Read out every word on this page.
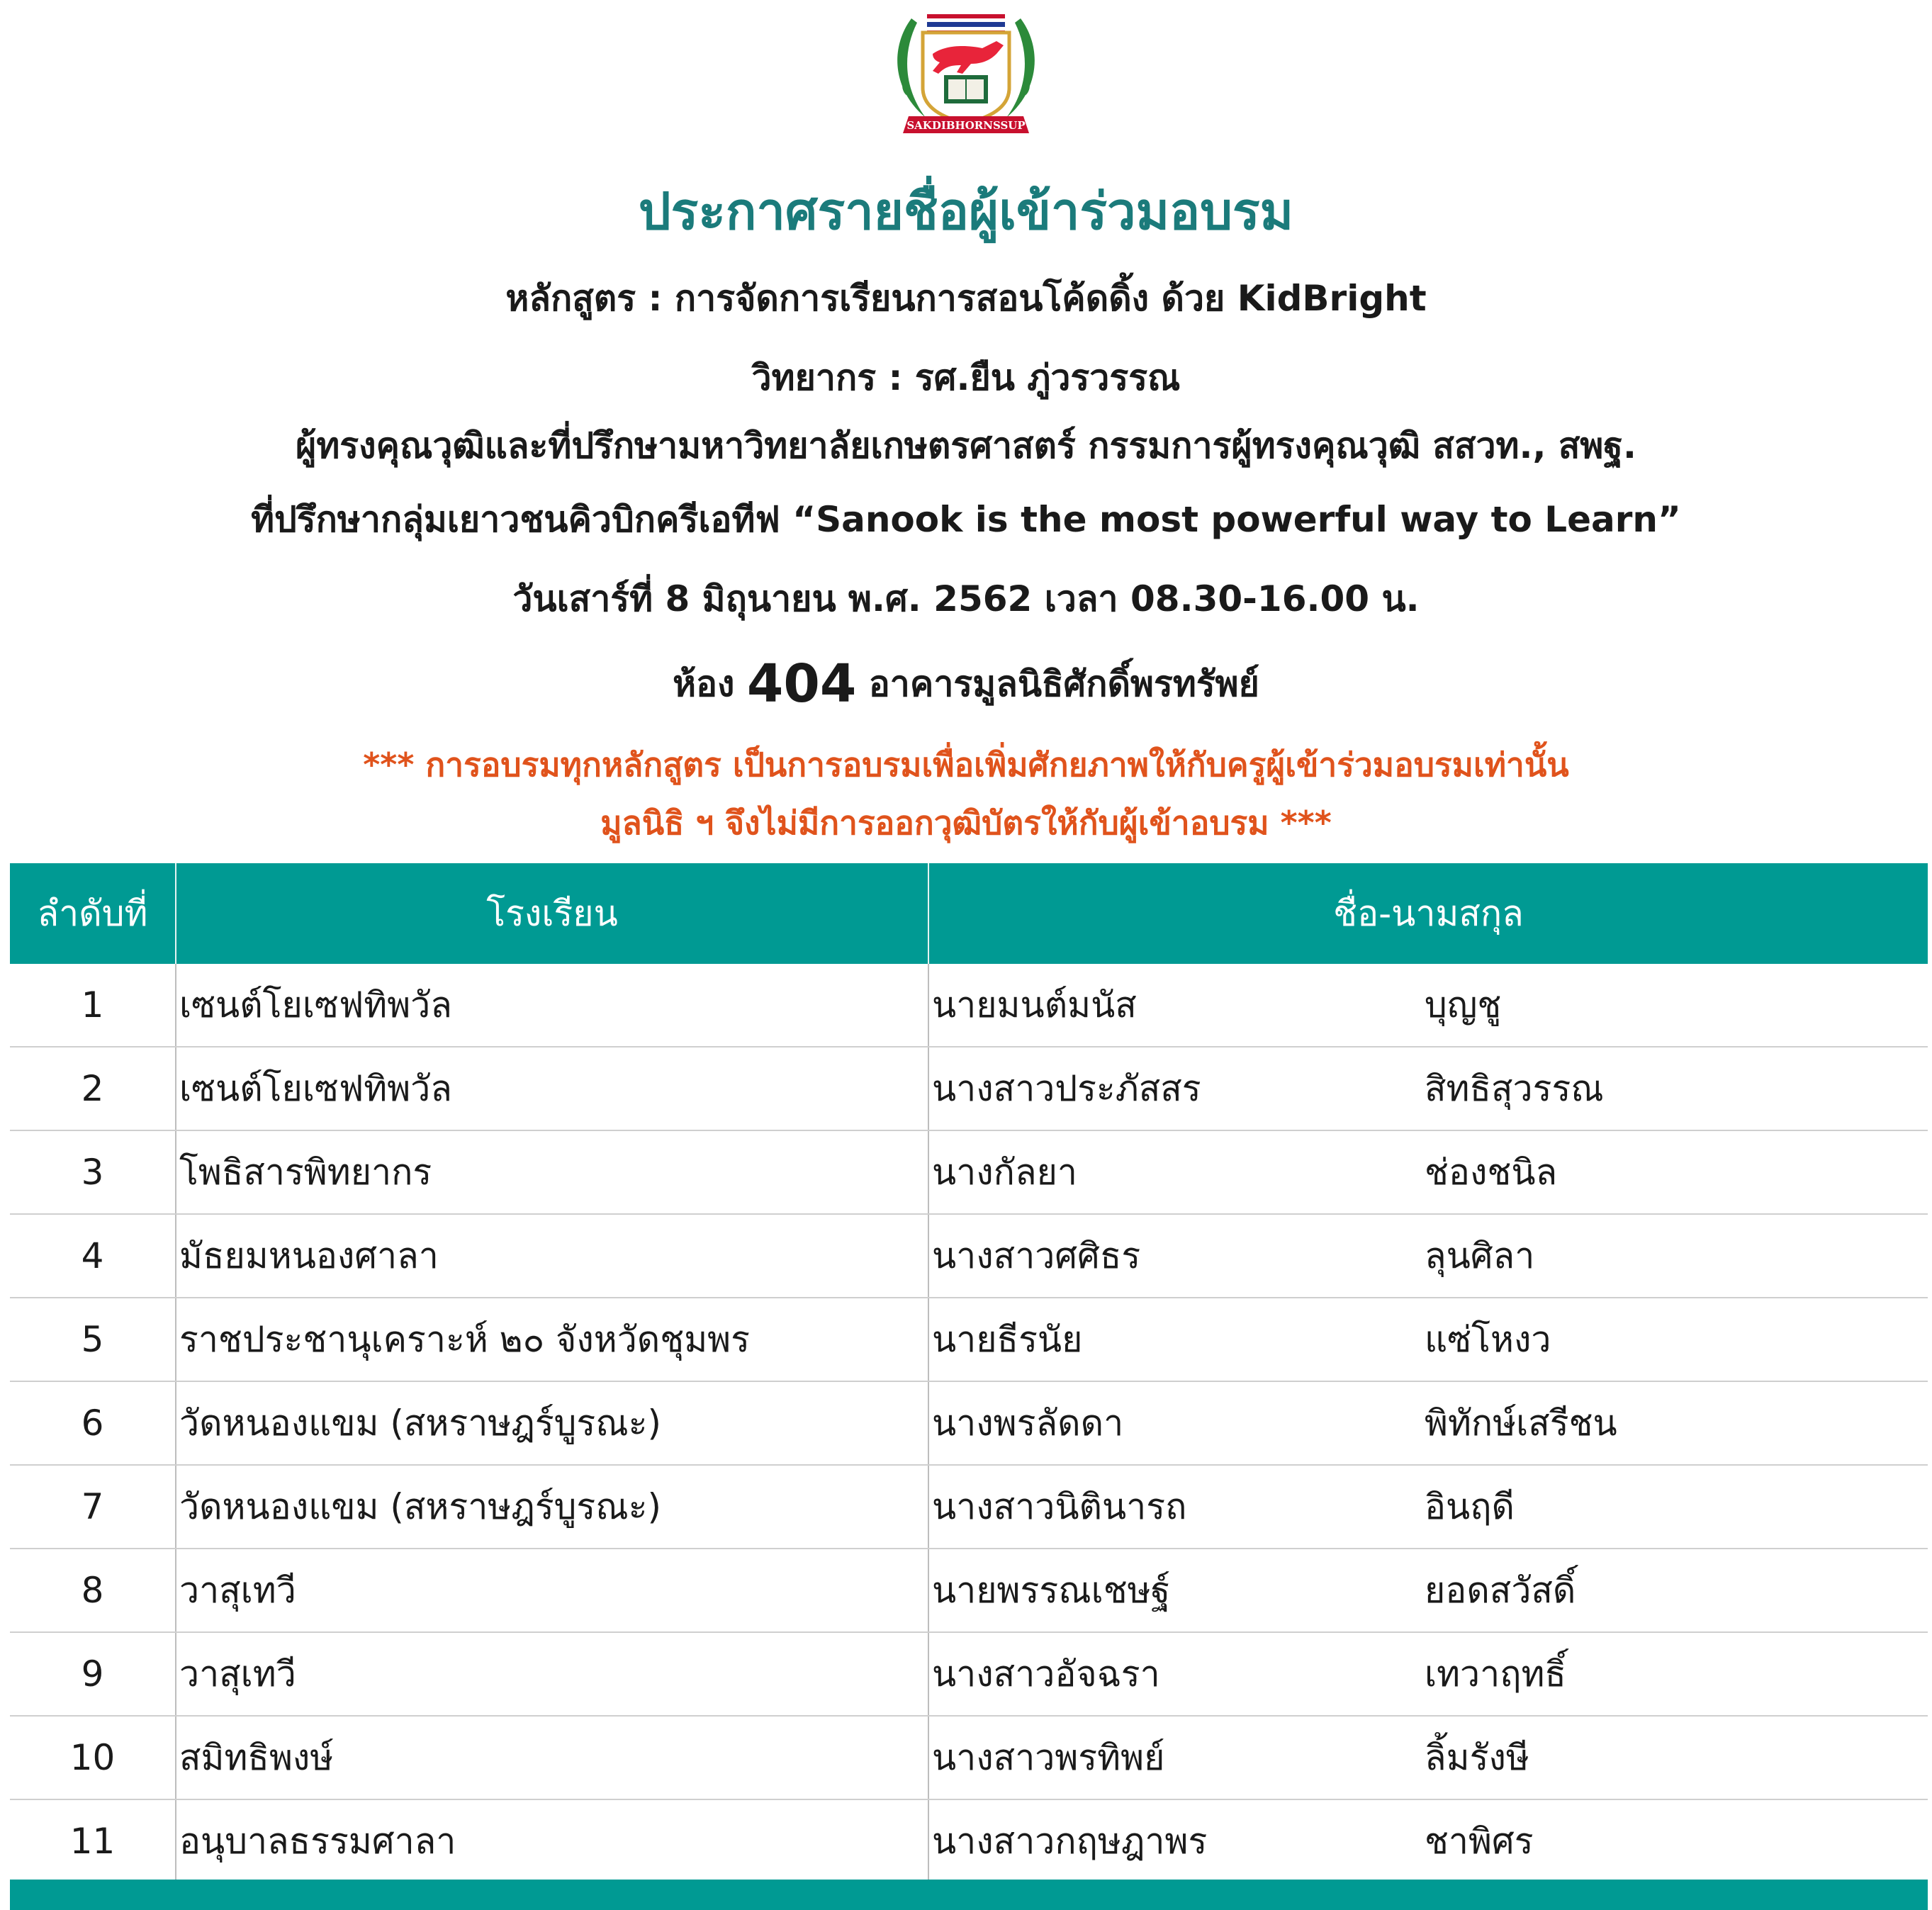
SAKDIBHORNSSUP
ประกาศรายชื่อผู้เข้าร่วมอบรม
หลักสูตร : การจัดการเรียนการสอนโค้ดดิ้ง ด้วย KidBright
วิทยากร : รศ.ยืน ภู่วรวรรณ
ผู้ทรงคุณวุฒิและที่ปรึกษามหาวิทยาลัยเกษตรศาสตร์ กรรมการผู้ทรงคุณวุฒิ สสวท., สพฐ.
ที่ปรึกษากลุ่มเยาวชนคิวบิกครีเอทีฟ “Sanook is the most powerful way to Learn”
วันเสาร์ที่ 8 มิถุนายน พ.ศ. 2562 เวลา 08.30-16.00 น.
ห้อง 404 อาคารมูลนิธิศักดิ์พรทรัพย์
*** การอบรมทุกหลักสูตร เป็นการอบรมเพื่อเพิ่มศักยภาพให้กับครูผู้เข้าร่วมอบรมเท่านั้น
มูลนิธิ ฯ จึงไม่มีการออกวุฒิบัตรให้กับผู้เข้าอบรม ***
ลำดับที่	โรงเรียน	ชื่อ-นามสกุล	
1	เซนต์โยเซฟทิพวัล	นายมนต์มนัส	บุญชู
2	เซนต์โยเซฟทิพวัล	นางสาวประภัสสร	สิทธิสุวรรณ
3	โพธิสารพิทยากร	นางกัลยา	ช่องชนิล
4	มัธยมหนองศาลา	นางสาวศศิธร	ลุนศิลา
5	ราชประชานุเคราะห์ ๒๐ จังหวัดชุมพร	นายธีรนัย	แซ่โหงว
6	วัดหนองแขม (สหราษฎร์บูรณะ)	นางพรลัดดา	พิทักษ์เสรีชน
7	วัดหนองแขม (สหราษฎร์บูรณะ)	นางสาวนิตินารถ	อินฤดี
8	วาสุเทวี	นายพรรณเชษฐ์	ยอดสวัสดิ์
9	วาสุเทวี	นางสาวอัจฉรา	เทวาฤทธิ์
10	สมิทธิพงษ์	นางสาวพรทิพย์	ลิ้มรังษี
11	อนุบาลธรรมศาลา	นางสาวกฤษฎาพร	ชาพิศร
